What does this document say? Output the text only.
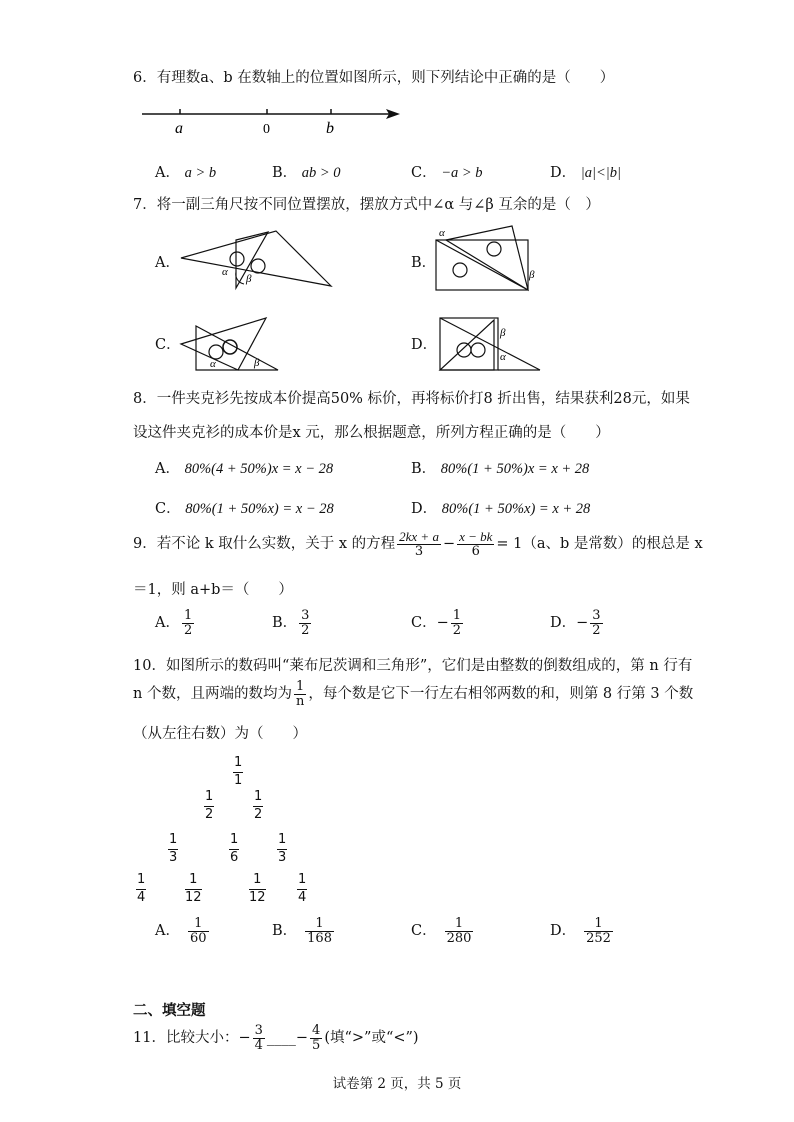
6．有理数a、b 在数轴上的位置如图所示，则下列结论中正确的是（　　）
a	0	b
A． a > b	B． ab > 0	C． −a > b	D． |a|<|b|
7．将一副三角尺按不同位置摆放，摆放方式中∠α 与∠β 互余的是（　）
A．
α
β
B．
α
β
C．
α	β
D．
β
α
8．一件夹克衫先按成本价提高50% 标价，再将标价打8 折出售，结果获利28元，如果
设这件夹克衫的成本价是x 元，那么根据题意，所列方程正确的是（　　）
A． 80%(4 + 50%)x = x − 28	B． 80%(1 + 50%)x = x + 28
C． 80%(1 + 50%x) = x − 28	D． 80%(1 + 50%x) = x + 28
9．若不论 k 取什么实数，关于 x 的方程 $\frac{2kx + a}{3} - \frac{x - bk}{6} = 1(a$、b 是常数）的根总是 x
＝1，则 a+b＝（　　）
A． $\frac{1}{2}$	B． $\frac{3}{2}$	C．− $\frac{1}{2}$	D．− $\frac{3}{2}$
10．如图所示的数码叫“莱布尼茨调和三角形”，它们是由整数的倒数组成的，第 n 行有
n 个数，且两端的数均为 $\frac{1}{n}$ ，每个数是它下一行左右相邻两数的和，则第 8 行第 3 个数
（从左往右数）为（　　）
1
1
1
2
1
2
1
3
1
6
1
3
1
4
1
12
1
12
1
4
A． $\frac{1}{60}$	B． $\frac{1}{168}$	C． $\frac{1}{280}$	D． $\frac{1}{252}$
二、填空题
11．比较大小：− $\frac{3}{4}$ ____− $\frac{4}{5}$ (填“>”或“<”)
试卷第 2 页，共 5 页
